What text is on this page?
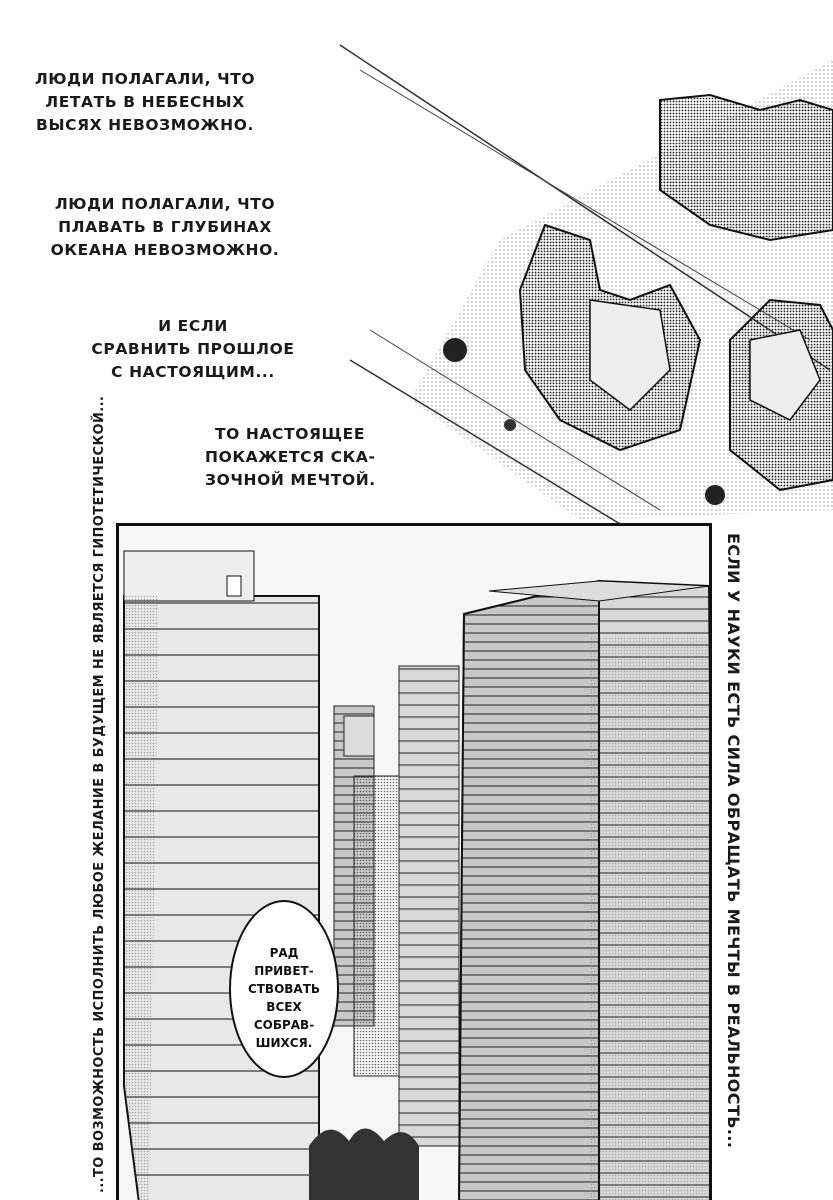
ЛЮДИ ПОЛАГАЛИ, ЧТО
ЛЕТАТЬ В НЕБЕСНЫХ
ВЫСЯХ НЕВОЗМОЖНО.
ЛЮДИ ПОЛАГАЛИ, ЧТО
ПЛАВАТЬ В ГЛУБИНАХ
ОКЕАНА НЕВОЗМОЖНО.
И ЕСЛИ
СРАВНИТЬ ПРОШЛОЕ
С НАСТОЯЩИМ...
ТО НАСТОЯЩЕЕ
ПОКАЖЕТСЯ СКА-
ЗОЧНОЙ МЕЧТОЙ.
...ТО ВОЗМОЖНОСТЬ ИСПОЛНИТЬ ЛЮБОЕ ЖЕЛАНИЕ В БУДУЩЕМ НЕ ЯВЛЯЕТСЯ ГИПОТЕТИЧЕСКОЙ...	ЕСЛИ У НАУКИ ЕСТЬ СИЛА ОБРАЩАТЬ МЕЧТЫ В РЕАЛЬНОСТЬ...
РАД
ПРИВЕТ-
СТВОВАТЬ
ВСЕХ
СОБРАВ-
ШИХСЯ.
